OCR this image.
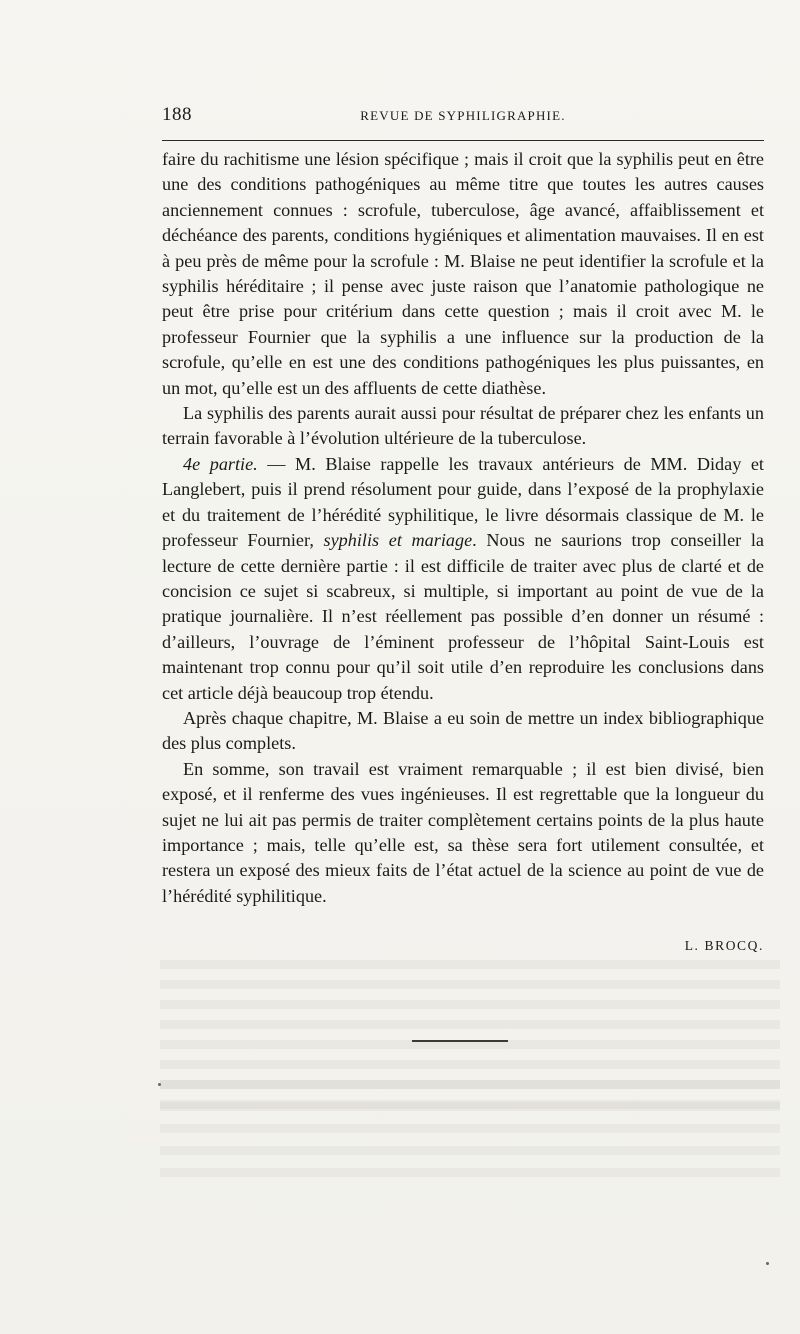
188	REVUE DE SYPHILIGRAPHIE.

faire du rachitisme une lésion spécifique ; mais il croit que la syphilis peut en être une des conditions pathogéniques au même titre que toutes les autres causes anciennement connues : scrofule, tuberculose, âge avancé, affaiblissement et déchéance des parents, conditions hygiéniques et alimentation mauvaises. Il en est à peu près de même pour la scrofule : M. Blaise ne peut identifier la scrofule et la syphilis héréditaire ; il pense avec juste raison que l’anatomie pathologique ne peut être prise pour critérium dans cette question ; mais il croit avec M. le professeur Fournier que la syphilis a une influence sur la production de la scrofule, qu’elle en est une des conditions pathogéniques les plus puissantes, en un mot, qu’elle est un des affluents de cette diathèse.

La syphilis des parents aurait aussi pour résultat de préparer chez les enfants un terrain favorable à l’évolution ultérieure de la tuberculose.

4e partie. — M. Blaise rappelle les travaux antérieurs de MM. Diday et Langlebert, puis il prend résolument pour guide, dans l’exposé de la prophylaxie et du traitement de l’hérédité syphilitique, le livre désormais classique de M. le professeur Fournier, syphilis et mariage. Nous ne saurions trop conseiller la lecture de cette dernière partie : il est difficile de traiter avec plus de clarté et de concision ce sujet si scabreux, si multiple, si important au point de vue de la pratique journalière. Il n’est réellement pas possible d’en donner un résumé : d’ailleurs, l’ouvrage de l’éminent professeur de l’hôpital Saint-Louis est maintenant trop connu pour qu’il soit utile d’en reproduire les conclusions dans cet article déjà beaucoup trop étendu.

Après chaque chapitre, M. Blaise a eu soin de mettre un index bibliographique des plus complets.

En somme, son travail est vraiment remarquable ; il est bien divisé, bien exposé, et il renferme des vues ingénieuses. Il est regrettable que la longueur du sujet ne lui ait pas permis de traiter complètement certains points de la plus haute importance ; mais, telle qu’elle est, sa thèse sera fort utilement consultée, et restera un exposé des mieux faits de l’état actuel de la science au point de vue de l’hérédité syphilitique.

L. BROCQ.
